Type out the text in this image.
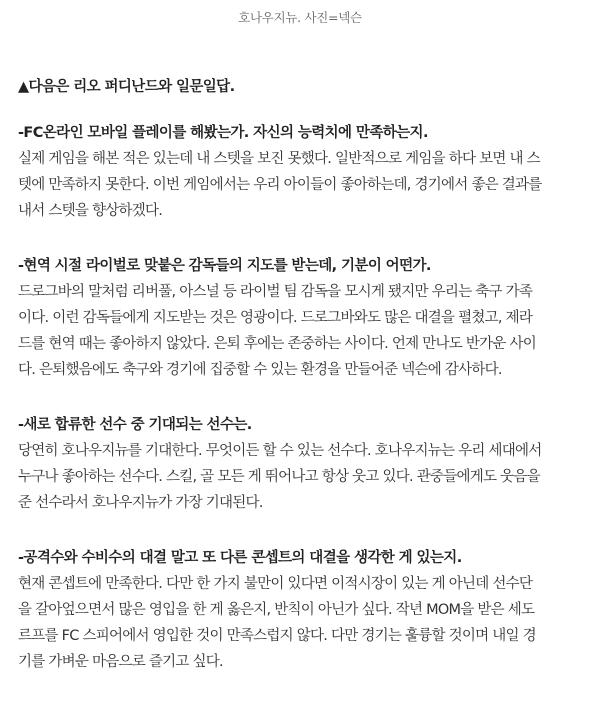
호나우지뉴. 사진=넥슨

▲다음은 리오 퍼디난드와 일문일답.

-FC온라인 모바일 플레이를 해봤는가. 자신의 능력치에 만족하는지.

실제 게임을 해본 적은 있는데 내 스텟을 보진 못했다. 일반적으로 게임을 하다 보면 내 스

텟에 만족하지 못한다. 이번 게임에서는 우리 아이들이 좋아하는데, 경기에서 좋은 결과를

내서 스텟을 향상하겠다.

-현역 시절 라이벌로 맞붙은 감독들의 지도를 받는데, 기분이 어떤가.

드로그바의 말처럼 리버풀, 아스널 등 라이벌 팀 감독을 모시게 됐지만 우리는 축구 가족

이다. 이런 감독들에게 지도받는 것은 영광이다. 드로그바와도 많은 대결을 펼쳤고, 제라

드를 현역 때는 좋아하지 않았다. 은퇴 후에는 존중하는 사이다. 언제 만나도 반가운 사이

다. 은퇴했음에도 축구와 경기에 집중할 수 있는 환경을 만들어준 넥슨에 감사하다.

-새로 합류한 선수 중 기대되는 선수는.

당연히 호나우지뉴를 기대한다. 무엇이든 할 수 있는 선수다. 호나우지뉴는 우리 세대에서

누구나 좋아하는 선수다. 스킬, 골 모든 게 뛰어나고 항상 웃고 있다. 관중들에게도 웃음을

준 선수라서 호나우지뉴가 가장 기대된다.

-공격수와 수비수의 대결 말고 또 다른 콘셉트의 대결을 생각한 게 있는지.

현재 콘셉트에 만족한다. 다만 한 가지 불만이 있다면 이적시장이 있는 게 아닌데 선수단

을 갈아엎으면서 많은 영입을 한 게 옳은지, 반칙이 아닌가 싶다. 작년 MOM을 받은 세도

르프를 FC 스피어에서 영입한 것이 만족스럽지 않다. 다만 경기는 훌륭할 것이며 내일 경

기를 가벼운 마음으로 즐기고 싶다.
